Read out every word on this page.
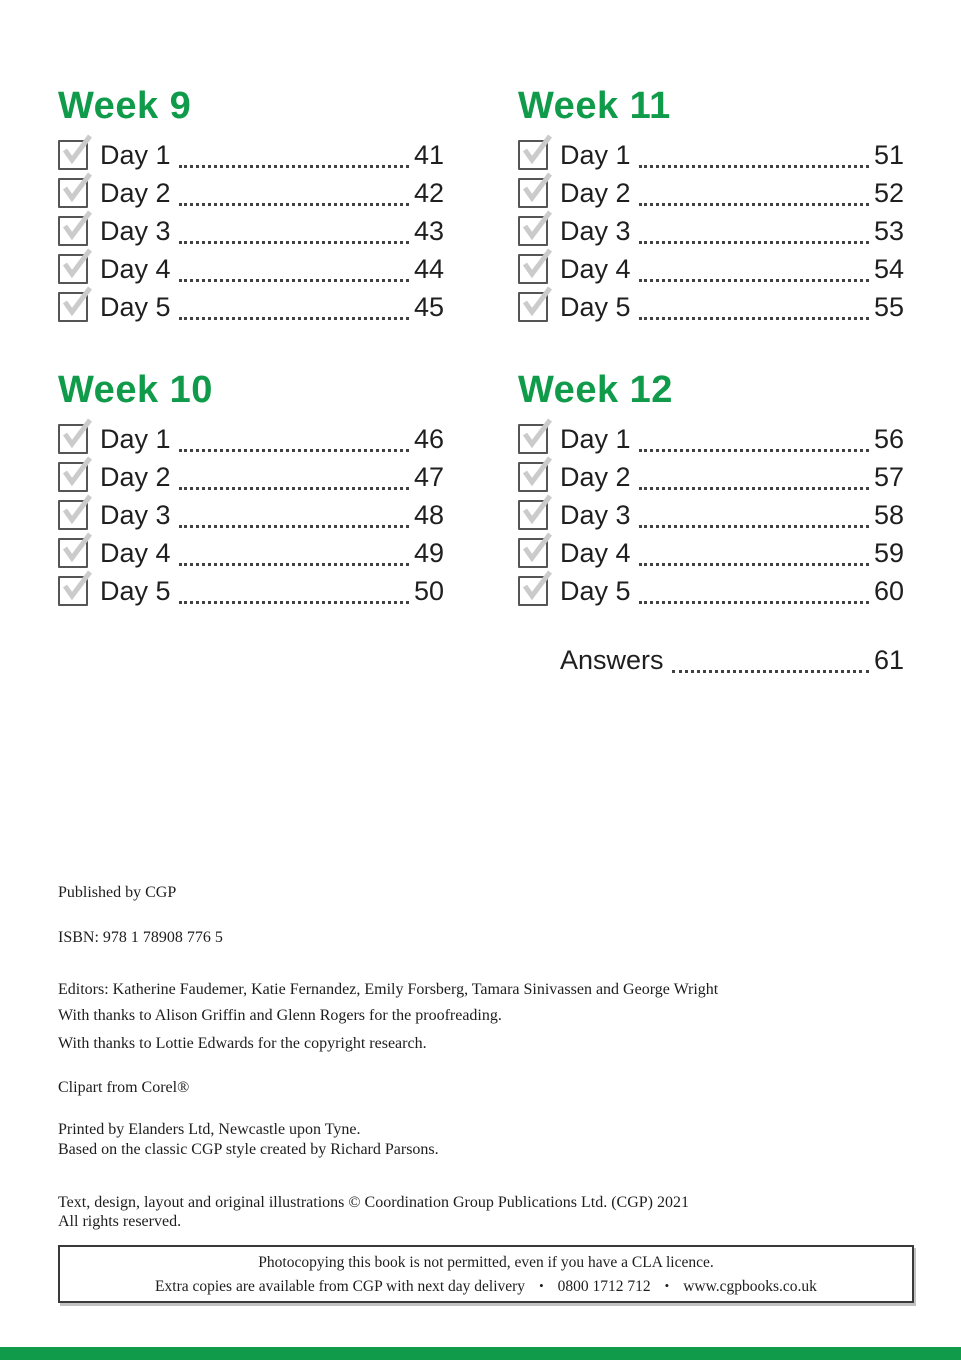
Week 9
Day 1	41
Day 2	42
Day 3	43
Day 4	44
Day 5	45
Week 11
Day 1	51
Day 2	52
Day 3	53
Day 4	54
Day 5	55
Week 10
Day 1	46
Day 2	47
Day 3	48
Day 4	49
Day 5	50
Week 12
Day 1	56
Day 2	57
Day 3	58
Day 4	59
Day 5	60
Answers	61

Published by CGP

ISBN: 978 1 78908 776 5

Editors: Katherine Faudemer, Katie Fernandez, Emily Forsberg, Tamara Sinivassen and George Wright

With thanks to Alison Griffin and Glenn Rogers for the proofreading.

With thanks to Lottie Edwards for the copyright research.

Clipart from Corel®

Printed by Elanders Ltd, Newcastle upon Tyne.

Based on the classic CGP style created by Richard Parsons.

Text, design, layout and original illustrations © Coordination Group Publications Ltd. (CGP) 2021

All rights reserved.

Photocopying this book is not permitted, even if you have a CLA licence.
Extra copies are available from CGP with next day delivery • 0800 1712 712 • www.cgpbooks.co.uk
